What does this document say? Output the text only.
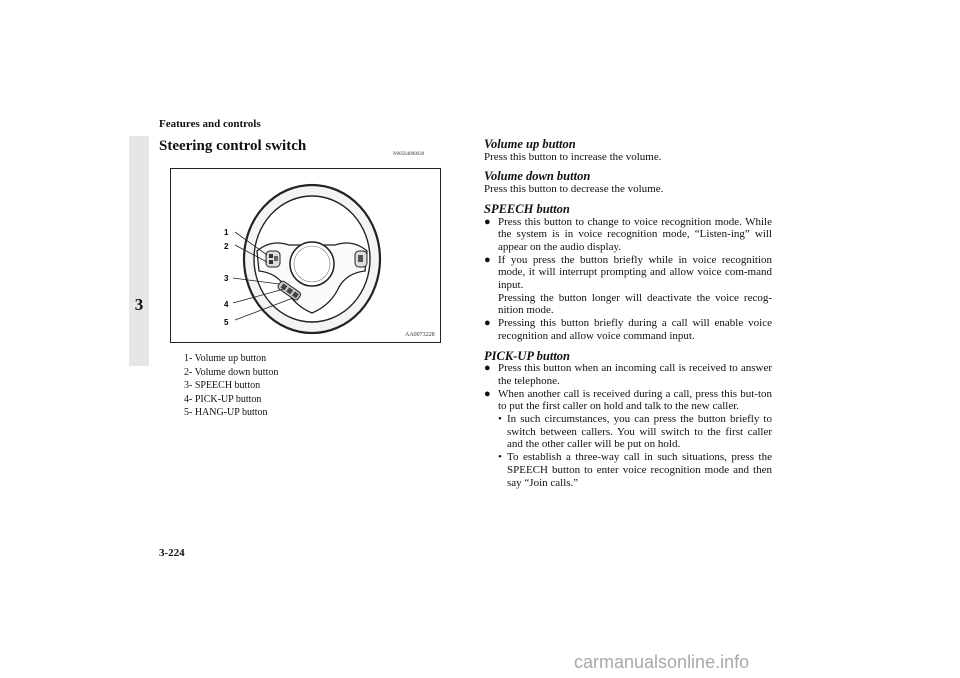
Features and controls
3
Steering control switch
N00564000030
1
2
3
4
5
AA0073228
1- Volume up button
2- Volume down button
3- SPEECH button
4- PICK-UP button
5- HANG-UP button

Volume up button

Press this button to increase the volume.

Volume down button

Press this button to decrease the volume.

SPEECH button

● Press this button to change to voice recognition mode. While the system is in voice recognition mode, “Listen-ing” will appear on the audio display.
● If you press the button briefly while in voice recognition mode, it will interrupt prompting and allow voice com-mand input.
Pressing the button longer will deactivate the voice recog-nition mode.
● Pressing this button briefly during a call will enable voice recognition and allow voice command input.

PICK-UP button

● Press this button when an incoming call is received to answer the telephone.
● When another call is received during a call, press this but-ton to put the first caller on hold and talk to the new caller.
• In such circumstances, you can press the button briefly to switch between callers. You will switch to the first caller and the other caller will be put on hold.
• To establish a three-way call in such situations, press the SPEECH button to enter voice recognition mode and then say “Join calls.”
3-224
carmanualsonline.info
